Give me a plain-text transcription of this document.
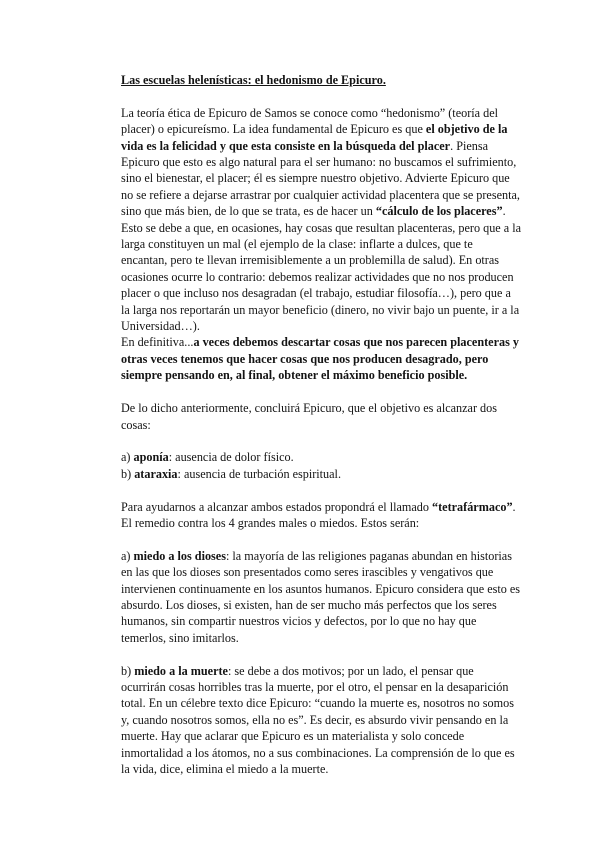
Las escuelas helenísticas: el hedonismo de Epicuro.

La teoría ética de Epicuro de Samos se conoce como “hedonismo” (teoría del placer) o epicureísmo. La idea fundamental de Epicuro es que el objetivo de la vida es la felicidad y que esta consiste en la búsqueda del placer. Piensa Epicuro que esto es algo natural para el ser humano: no buscamos el sufrimiento, sino el bienestar, el placer; él es siempre nuestro objetivo. Advierte Epicuro que no se refiere a dejarse arrastrar por cualquier actividad placentera que se presenta, sino que más bien, de lo que se trata, es de hacer un “cálculo de los placeres”. Esto se debe a que, en ocasiones, hay cosas que resultan placenteras, pero que a la larga constituyen un mal (el ejemplo de la clase: inflarte a dulces, que te encantan, pero te llevan irremisiblemente a un problemilla de salud). En otras ocasiones ocurre lo contrario: debemos realizar actividades que no nos producen placer o que incluso nos desagradan (el trabajo, estudiar filosofía…), pero que a la larga nos reportarán un mayor beneficio (dinero, no vivir bajo un puente, ir a la Universidad…).

En definitiva...a veces debemos descartar cosas que nos parecen placenteras y otras veces tenemos que hacer cosas que nos producen desagrado, pero siempre pensando en, al final, obtener el máximo beneficio posible.

De lo dicho anteriormente, concluirá Epicuro, que el objetivo es alcanzar dos cosas:

a) aponía: ausencia de dolor físico.

b) ataraxia: ausencia de turbación espiritual.

Para ayudarnos a alcanzar ambos estados propondrá el llamado “tetrafármaco”. El remedio contra los 4 grandes males o miedos. Estos serán:

a) miedo a los dioses: la mayoría de las religiones paganas abundan en historias en las que los dioses son presentados como seres irascibles y vengativos que intervienen continuamente en los asuntos humanos. Epicuro considera que esto es absurdo. Los dioses, si existen, han de ser mucho más perfectos que los seres humanos, sin compartir nuestros vicios y defectos, por lo que no hay que temerlos, sino imitarlos.

b) miedo a la muerte: se debe a dos motivos; por un lado, el pensar que ocurrirán cosas horribles tras la muerte, por el otro, el pensar en la desaparición total. En un célebre texto dice Epicuro: “cuando la muerte es, nosotros no somos y, cuando nosotros somos, ella no es”. Es decir, es absurdo vivir pensando en la muerte. Hay que aclarar que Epicuro es un materialista y solo concede inmortalidad a los átomos, no a sus combinaciones. La comprensión de lo que es la vida, dice, elimina el miedo a la muerte.
